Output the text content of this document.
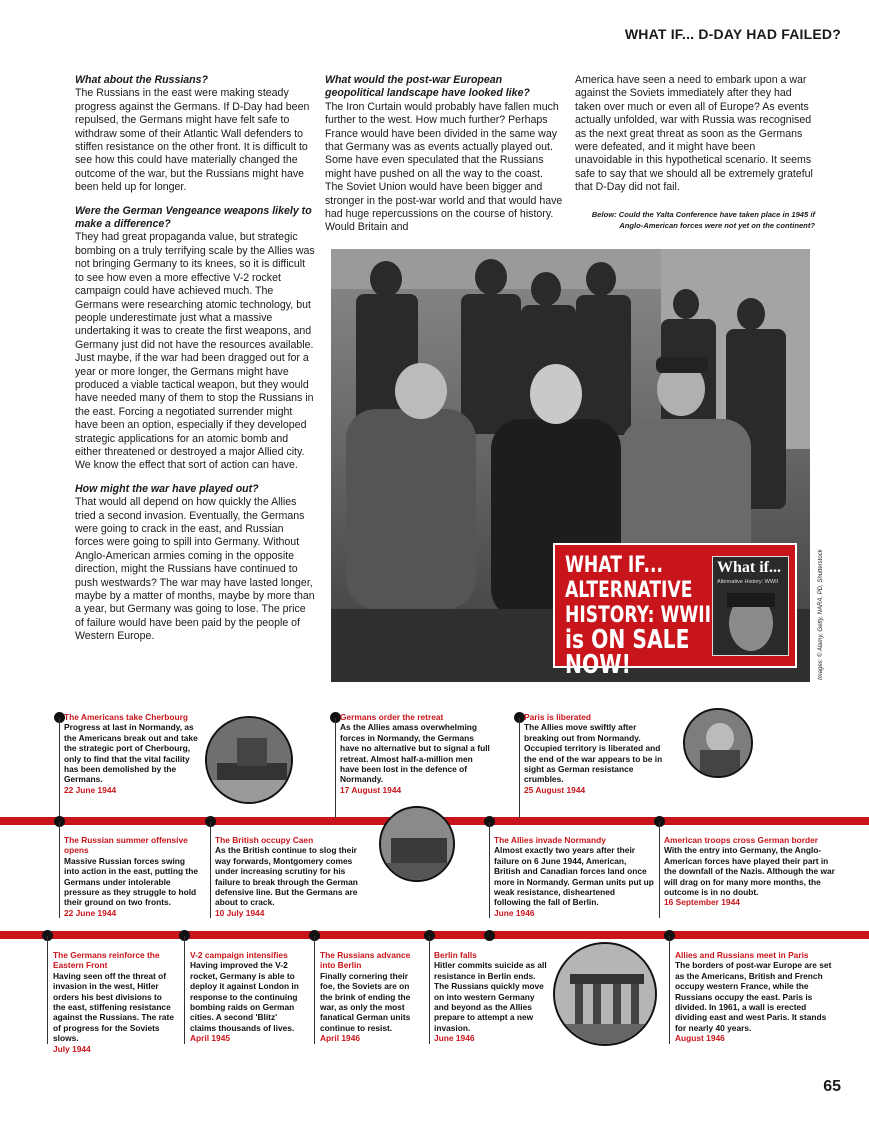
WHAT IF... D-DAY HAD FAILED?
What about the Russians?

The Russians in the east were making steady progress against the Germans. If D-Day had been repulsed, the Germans might have felt safe to withdraw some of their Atlantic Wall defenders to stiffen resistance on the other front. It is difficult to see how this could have materially changed the outcome of the war, but the Russians might have been held up for longer.

Were the German Vengeance weapons likely to make a difference?

They had great propaganda value, but strategic bombing on a truly terrifying scale by the Allies was not bringing Germany to its knees, so it is difficult to see how even a more effective V-2 rocket campaign could have achieved much. The Germans were researching atomic technology, but people underestimate just what a massive undertaking it was to create the first weapons, and Germany just did not have the resources available. Just maybe, if the war had been dragged out for a year or more longer, the Germans might have produced a viable tactical weapon, but they would have needed many of them to stop the Russians in the east. Forcing a negotiated surrender might have been an option, especially if they developed strategic applications for an atomic bomb and either threatened or destroyed a major Allied city. We know the effect that sort of action can have.

How might the war have played out?

That would all depend on how quickly the Allies tried a second invasion. Eventually, the Germans were going to crack in the east, and Russian forces were going to spill into Germany. Without Anglo-American armies coming in the opposite direction, might the Russians have continued to push westwards? The war may have lasted longer, maybe by a matter of months, maybe by more than a year, but Germany was going to lose. The price of failure would have been paid by the people of Western Europe.

What would the post-war European geopolitical landscape have looked like?

The Iron Curtain would probably have fallen much further to the west. How much further? Perhaps France would have been divided in the same way that Germany was as events actually played out. Some have even speculated that the Russians might have pushed on all the way to the coast. The Soviet Union would have been bigger and stronger in the post-war world and that would have had huge repercussions on the course of history. Would Britain and

America have seen a need to embark upon a war against the Soviets immediately after they had taken over much or even all of Europe? As events actually unfolded, war with Russia was recognised as the next great threat as soon as the Germans were defeated, and it might have been unavoidable in this hypothetical scenario. It seems safe to say that we should all be extremely grateful that D-Day did not fail.

Below: Could the Yalta Conference have taken place in 1945 if Anglo-American forces were not yet on the continent?
WHAT IF...
ALTERNATIVE
HISTORY: WWII
is ON SALE NOW!
What if...
Alternative History: WWII	Images: © Alamy, Getty, NARA, PD, Shutterstock
The Americans take Cherbourg
Progress at last in Normandy, as the Americans break out and take the strategic port of Cherbourg, only to find that the vital facility has been demolished by the Germans.
22 June 1944
Germans order the retreat
As the Allies amass overwhelming forces in Normandy, the Germans have no alternative but to signal a full retreat. Almost half-a-million men have been lost in the defence of Normandy.
17 August 1944
Paris is liberated
The Allies move swiftly after breaking out from Normandy. Occupied territory is liberated and the end of the war appears to be in sight as German resistance crumbles.
25 August 1944
The Russian summer offensive opens
Massive Russian forces swing into action in the east, putting the Germans under intolerable pressure as they struggle to hold their ground on two fronts.
22 June 1944
The British occupy Caen
As the British continue to slog their way forwards, Montgomery comes under increasing scrutiny for his failure to break through the German defensive line. But the Germans are about to crack.
10 July 1944
The Allies invade Normandy
Almost exactly two years after their failure on 6 June 1944, American, British and Canadian forces land once more in Normandy. German units put up weak resistance, disheartened following the fall of Berlin.
June 1946
American troops cross German border
With the entry into Germany, the Anglo-American forces have played their part in the downfall of the Nazis. Although the war will drag on for many more months, the outcome is in no doubt.
16 September 1944
The Germans reinforce the Eastern Front
Having seen off the threat of invasion in the west, Hitler orders his best divisions to the east, stiffening resistance against the Russians. The rate of progress for the Soviets slows.
July 1944
V-2 campaign intensifies
Having improved the V-2 rocket, Germany is able to deploy it against London in response to the continuing bombing raids on German cities. A second 'Blitz' claims thousands of lives.
April 1945
The Russians advance into Berlin
Finally cornering their foe, the Soviets are on the brink of ending the war, as only the most fanatical German units continue to resist.
April 1946
Berlin falls
Hitler commits suicide as all resistance in Berlin ends. The Russians quickly move on into western Germany and beyond as the Allies prepare to attempt a new invasion.
June 1946
Allies and Russians meet in Paris
The borders of post-war Europe are set as the Americans, British and French occupy western France, while the Russians occupy the east. Paris is divided. In 1961, a wall is erected dividing east and west Paris. It stands for nearly 40 years.
August 1946
65
